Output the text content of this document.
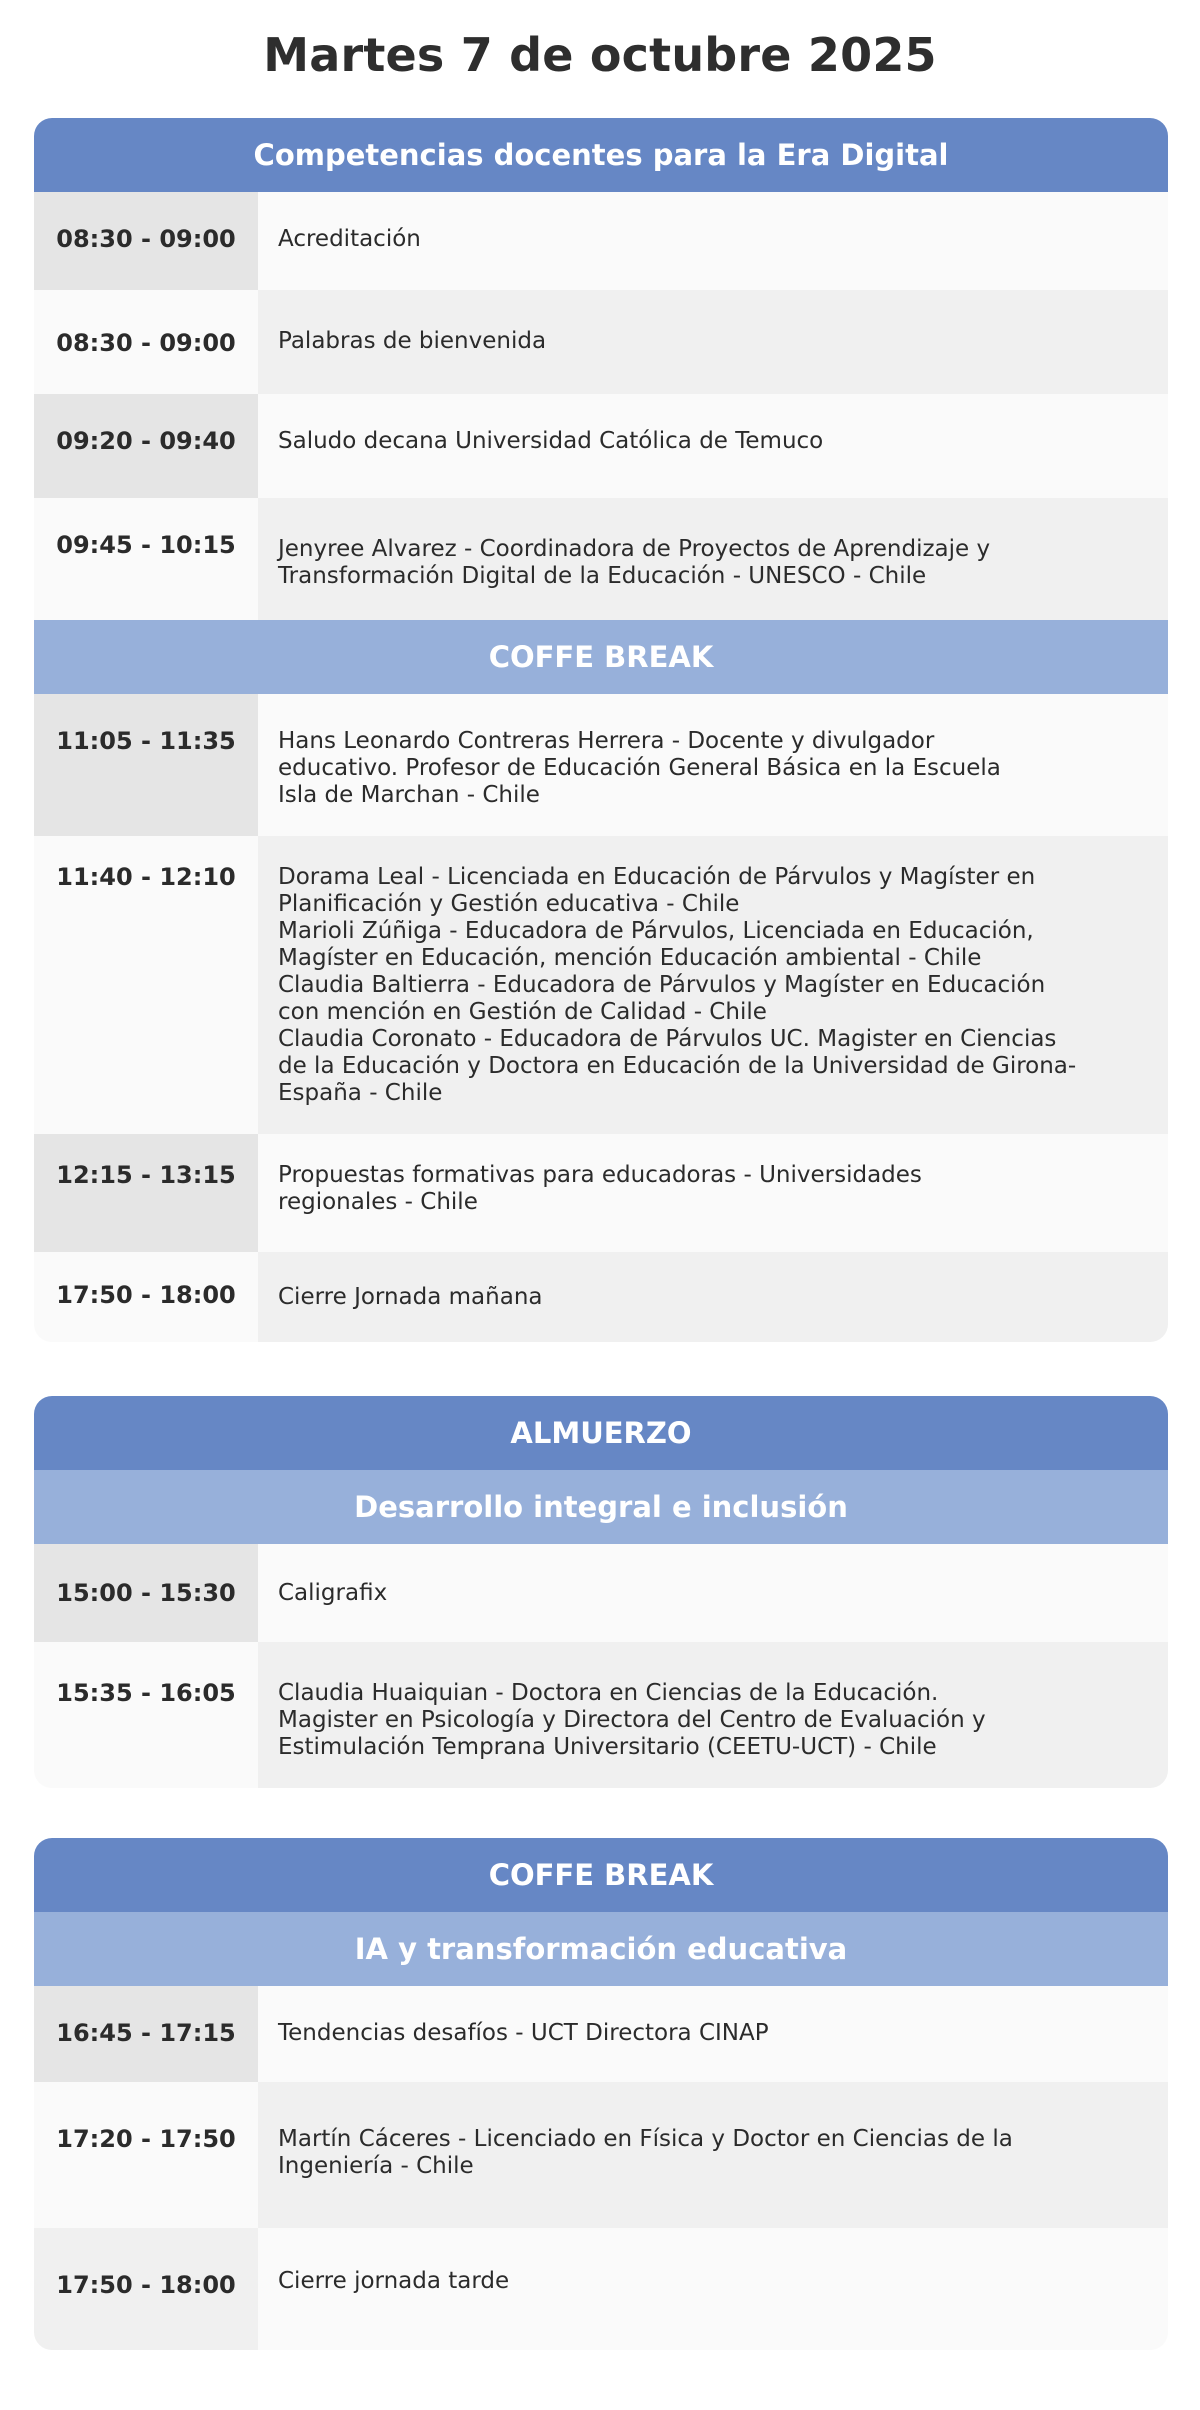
Martes 7 de octubre 2025
Competencias docentes para la Era Digital
08:30 - 09:00	Acreditación
08:30 - 09:00	Palabras de bienvenida
09:20 - 09:40	Saludo decana Universidad Católica de Temuco
09:45 - 10:15	Jenyree Alvarez - Coordinadora de Proyectos de Aprendizaje y
Transformación Digital de la Educación - UNESCO - Chile
COFFE BREAK
11:05 - 11:35	Hans Leonardo Contreras Herrera - Docente y divulgador
educativo. Profesor de Educación General Básica en la Escuela
Isla de Marchan - Chile
11:40 - 12:10	Dorama Leal - Licenciada en Educación de Párvulos y Magíster en
Planificación y Gestión educativa - Chile
Marioli Zúñiga - Educadora de Párvulos, Licenciada en Educación,
Magíster en Educación, mención Educación ambiental - Chile
Claudia Baltierra - Educadora de Párvulos y Magíster en Educación
con mención en Gestión de Calidad - Chile
Claudia Coronato - Educadora de Párvulos UC. Magister en Ciencias
de la Educación y Doctora en Educación de la Universidad de Girona-
España - Chile
12:15 - 13:15	Propuestas formativas para educadoras - Universidades
regionales - Chile
17:50 - 18:00	Cierre Jornada mañana
ALMUERZO
Desarrollo integral e inclusión
15:00 - 15:30	Caligrafix
15:35 - 16:05	Claudia Huaiquian - Doctora en Ciencias de la Educación.
Magister en Psicología y Directora del Centro de Evaluación y
Estimulación Temprana Universitario (CEETU-UCT) - Chile
COFFE BREAK
IA y transformación educativa
16:45 - 17:15	Tendencias desafíos - UCT Directora CINAP
17:20 - 17:50	Martín Cáceres - Licenciado en Física y Doctor en Ciencias de la
Ingeniería - Chile
17:50 - 18:00	Cierre jornada tarde
